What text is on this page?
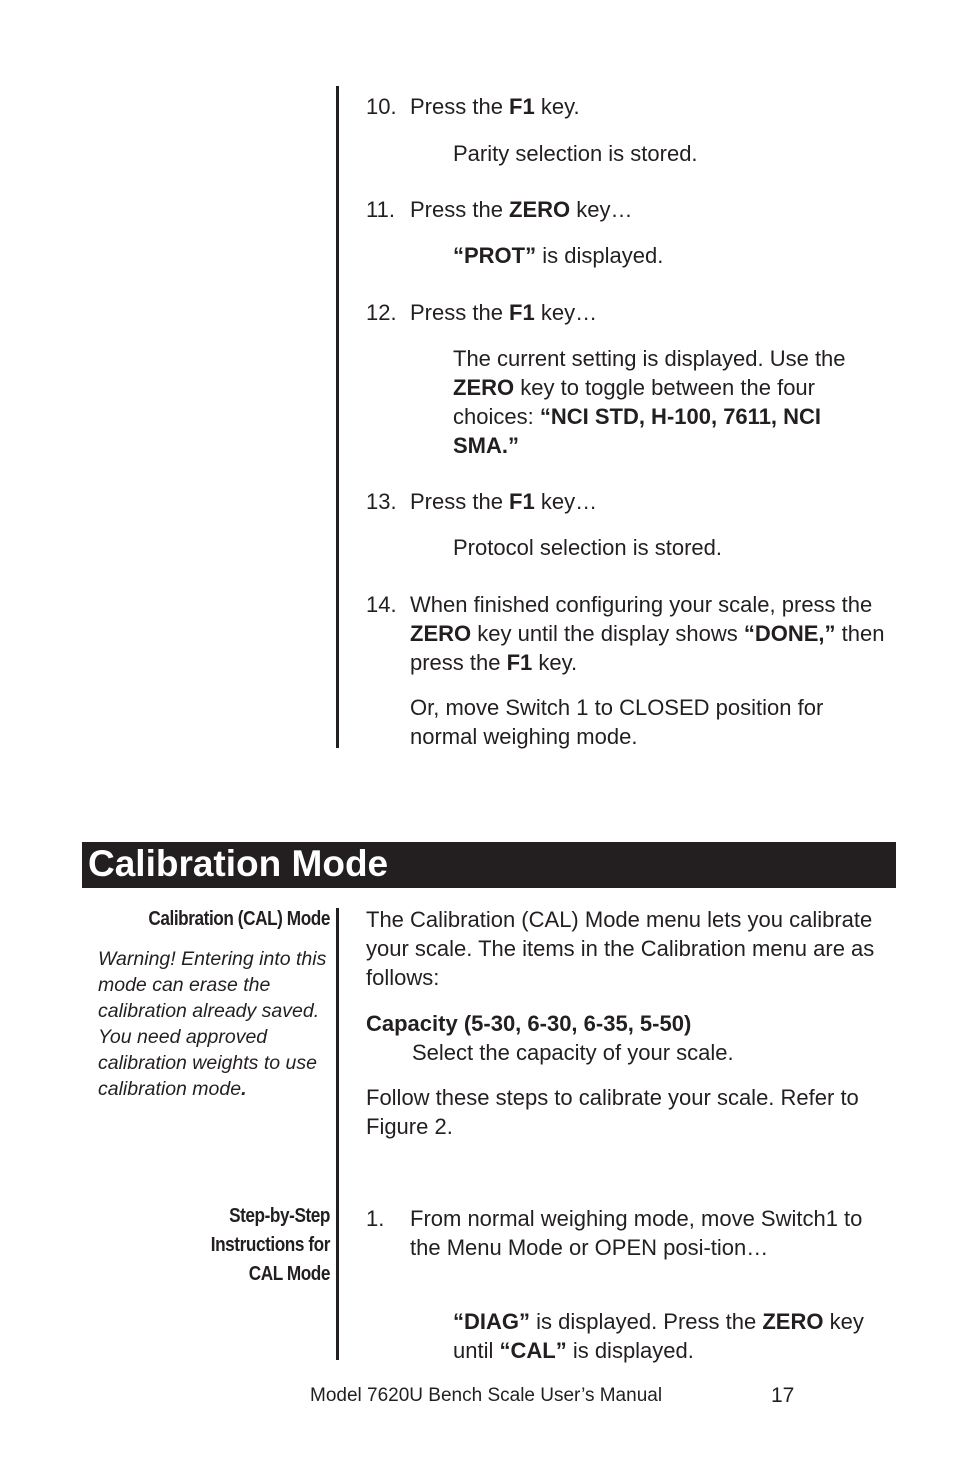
10. Press the F1 key.

Parity selection is stored.

11. Press the ZERO key…

“PROT” is displayed.

12. Press the F1 key…

The current setting is displayed. Use the ZERO key to toggle between the four choices: “NCI STD, H-100, 7611, NCI SMA.”

13. Press the F1 key…

Protocol selection is stored.

14. When finished configuring your scale, press the ZERO key until the display shows “DONE,” then press the F1 key.

Or, move Switch 1 to CLOSED position for normal weighing mode.

Calibration Mode
Calibration (CAL) Mode

Warning! Entering into this mode can erase the calibration already saved. You need approved calibration weights to use calibration mode.

Step-by-Step
Instructions for
CAL Mode

The Calibration (CAL) Mode menu lets you calibrate your scale. The items in the Calibration menu are as follows:

Capacity (5-30, 6-30, 6-35, 5-50)

Select the capacity of your scale.

Follow these steps to calibrate your scale. Refer to Figure 2.

1. From normal weighing mode, move Switch1 to the Menu Mode or OPEN posi-tion…

“DIAG” is displayed. Press the ZERO key until “CAL” is displayed.

Model 7620U Bench Scale User’s Manual	17
